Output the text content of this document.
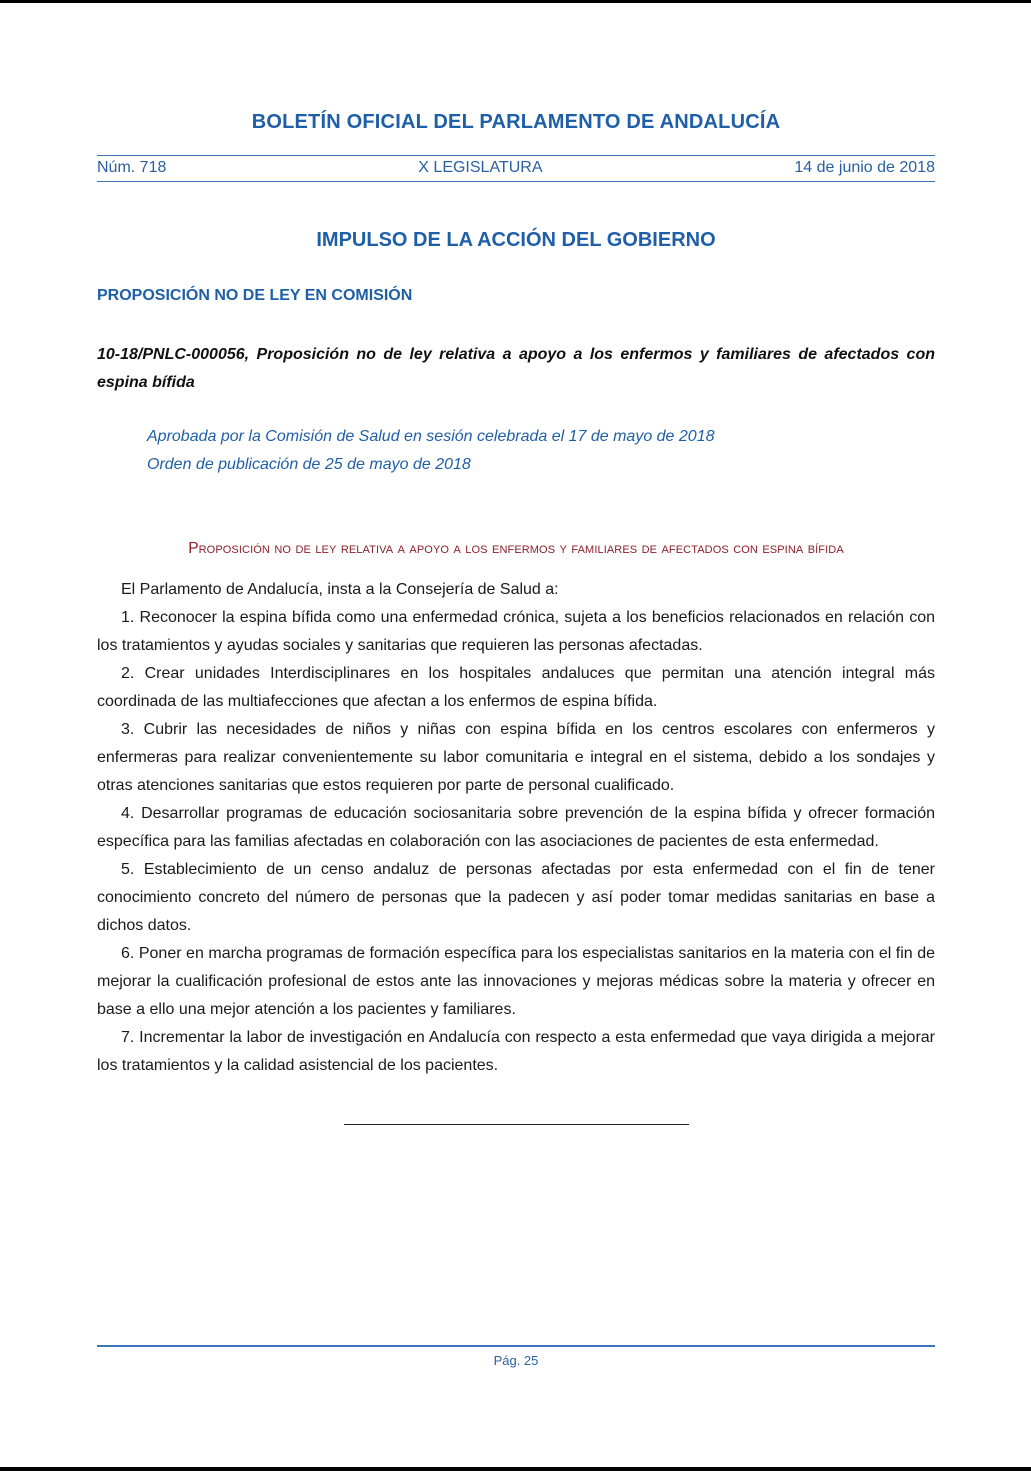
BOLETÍN OFICIAL DEL PARLAMENTO DE ANDALUCÍA
Núm. 718	X LEGISLATURA	14 de junio de 2018
IMPULSO DE LA ACCIÓN DEL GOBIERNO
PROPOSICIÓN NO DE LEY EN COMISIÓN

10-18/PNLC-000056, Proposición no de ley relativa a apoyo a los enfermos y familiares de afectados con espina bífida

Aprobada por la Comisión de Salud en sesión celebrada el 17 de mayo de 2018
Orden de publicación de 25 de mayo de 2018

Proposición no de ley relativa a apoyo a los enfermos y familiares de afectados con espina bífida

El Parlamento de Andalucía, insta a la Consejería de Salud a:

1. Reconocer la espina bífida como una enfermedad crónica, sujeta a los beneficios relacionados en relación con los tratamientos y ayudas sociales y sanitarias que requieren las personas afectadas.

2. Crear unidades Interdisciplinares en los hospitales andaluces que permitan una atención integral más coordinada de las multiafecciones que afectan a los enfermos de espina bífida.

3. Cubrir las necesidades de niños y niñas con espina bífida en los centros escolares con enfermeros y enfermeras para realizar convenientemente su labor comunitaria e integral en el sistema, debido a los sondajes y otras atenciones sanitarias que estos requieren por parte de personal cualificado.

4. Desarrollar programas de educación sociosanitaria sobre prevención de la espina bífida y ofrecer formación específica para las familias afectadas en colaboración con las asociaciones de pacientes de esta enfermedad.

5. Establecimiento de un censo andaluz de personas afectadas por esta enfermedad con el fin de tener conocimiento concreto del número de personas que la padecen y así poder tomar medidas sanitarias en base a dichos datos.

6. Poner en marcha programas de formación específica para los especialistas sanitarios en la materia con el fin de mejorar la cualificación profesional de estos ante las innovaciones y mejoras médicas sobre la materia y ofrecer en base a ello una mejor atención a los pacientes y familiares.

7. Incrementar la labor de investigación en Andalucía con respecto a esta enfermedad que vaya dirigida a mejorar los tratamientos y la calidad asistencial de los pacientes.

Pág. 25
